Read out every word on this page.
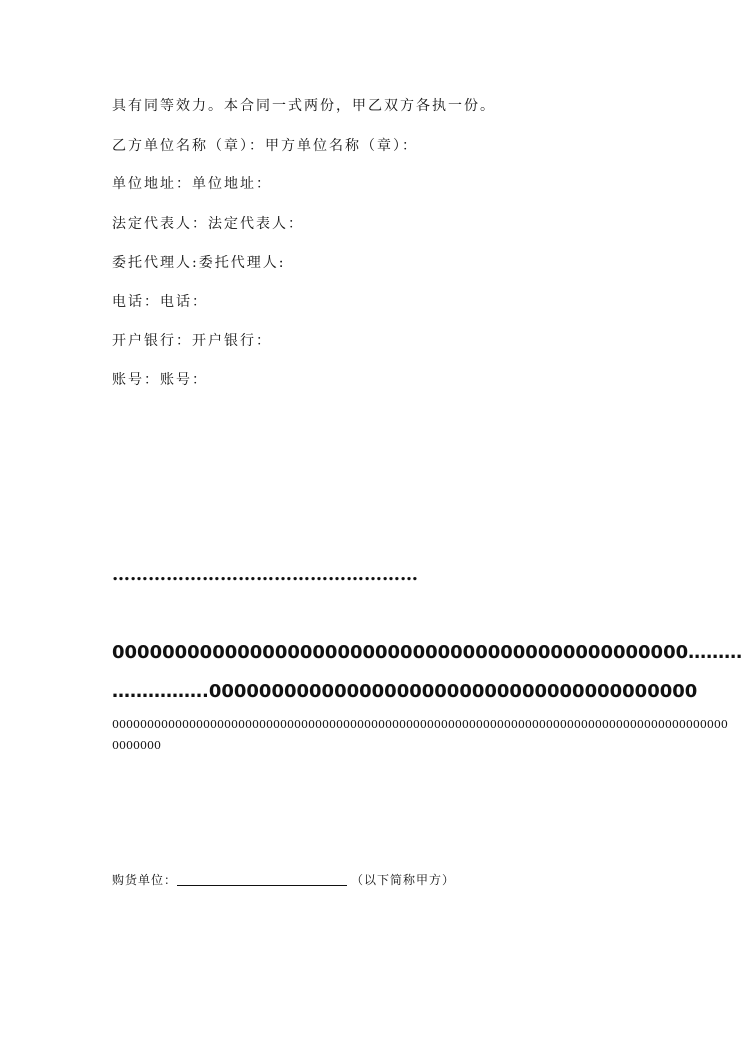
具有同等效力。本合同一式两份，甲乙双方各执一份。
乙方单位名称（章）：甲方单位名称（章）：
单位地址：单位地址：
法定代表人：法定代表人：
委托代理人:委托代理人:
电话：电话：
开户银行：开户银行：
账号：账号：
……………………………………………
0000000000000000000000000000000000000000000000………
…………….000000000000000000000000000000000000000
0000000000000000000000000000000000000000000000000000000000000000000000000000000000000000
0000000
购货单位：	（以下简称甲方）
